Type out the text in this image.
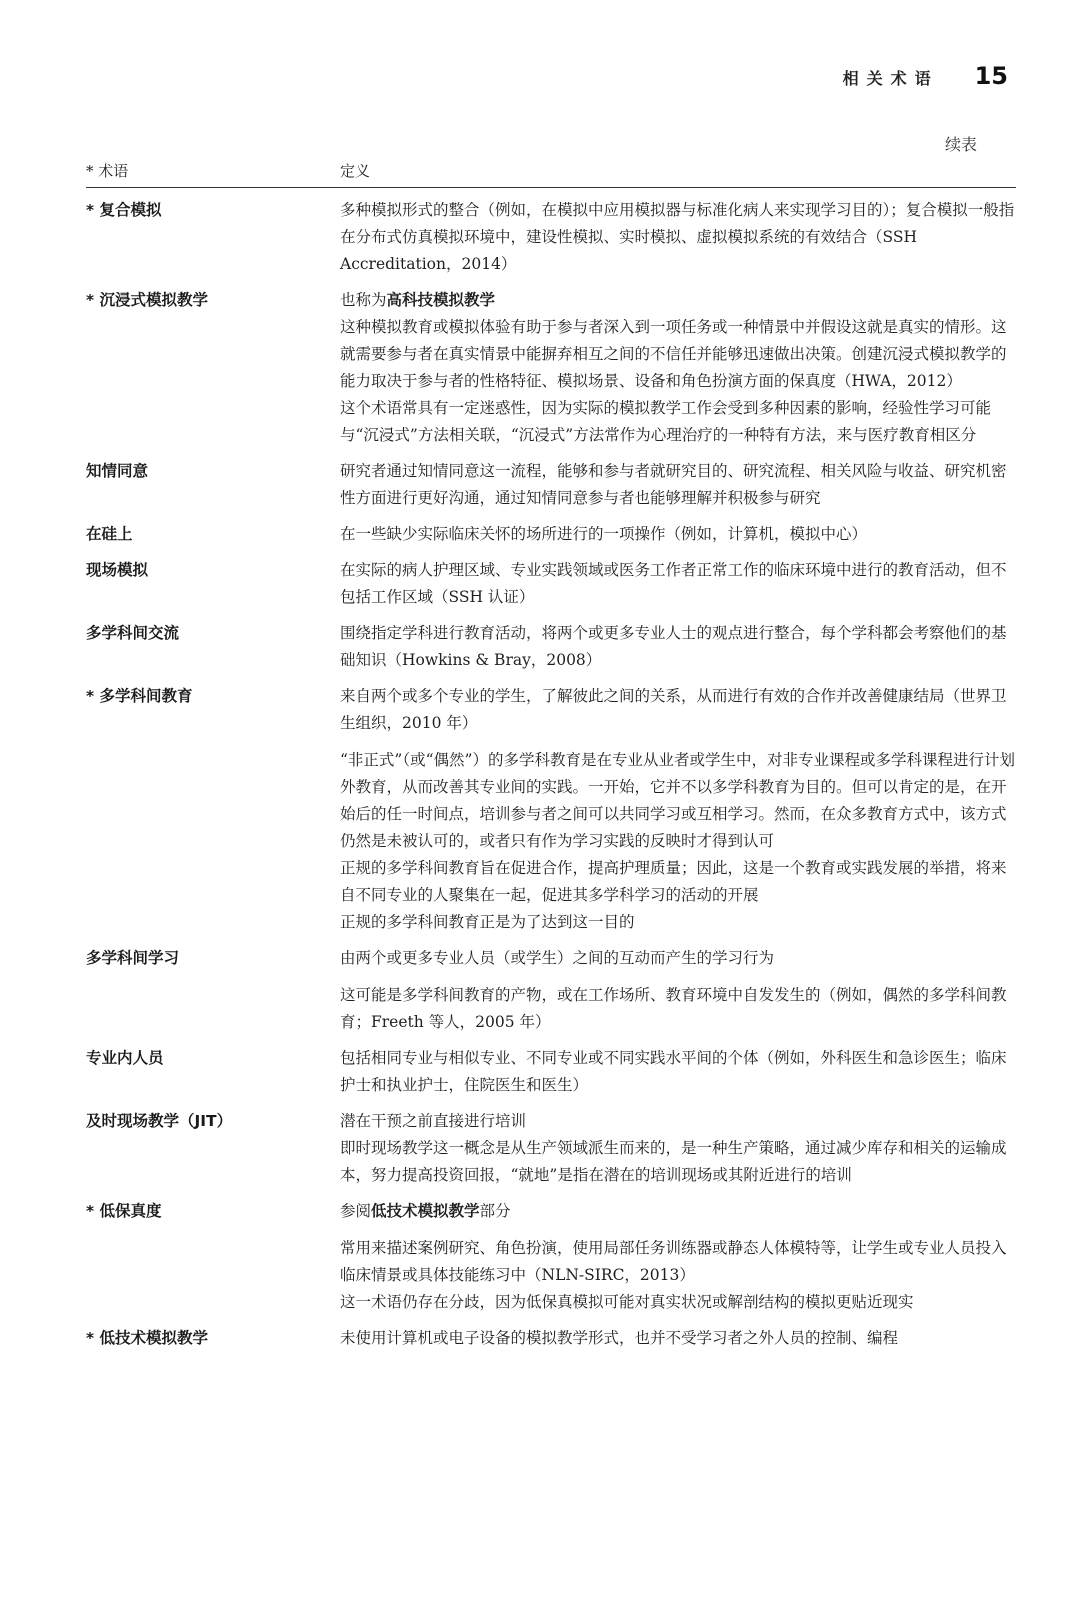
相关术语 15
续表
* 术语	定义
* 复合模拟	多种模拟形式的整合（例如，在模拟中应用模拟器与标准化病人来实现学习目的）；复合模拟一般指在分布式仿真模拟环境中，建设性模拟、实时模拟、虚拟模拟系统的有效结合（SSH Accreditation，2014）

* 沉浸式模拟教学	也称为高科技模拟教学

这种模拟教育或模拟体验有助于参与者深入到一项任务或一种情景中并假设这就是真实的情形。这就需要参与者在真实情景中能摒弃相互之间的不信任并能够迅速做出决策。创建沉浸式模拟教学的能力取决于参与者的性格特征、模拟场景、设备和角色扮演方面的保真度（HWA，2012）

这个术语常具有一定迷惑性，因为实际的模拟教学工作会受到多种因素的影响，经验性学习可能与“沉浸式”方法相关联，“沉浸式”方法常作为心理治疗的一种特有方法，来与医疗教育相区分

知情同意	研究者通过知情同意这一流程，能够和参与者就研究目的、研究流程、相关风险与收益、研究机密性方面进行更好沟通，通过知情同意参与者也能够理解并积极参与研究

在硅上	在一些缺少实际临床关怀的场所进行的一项操作（例如，计算机，模拟中心）

现场模拟	在实际的病人护理区域、专业实践领域或医务工作者正常工作的临床环境中进行的教育活动，但不包括工作区域（SSH 认证）

多学科间交流	围绕指定学科进行教育活动，将两个或更多专业人士的观点进行整合，每个学科都会考察他们的基础知识（Howkins & Bray，2008）

* 多学科间教育	来自两个或多个专业的学生，了解彼此之间的关系，从而进行有效的合作并改善健康结局（世界卫生组织，2010 年）

“非正式”（或“偶然”）的多学科教育是在专业从业者或学生中，对非专业课程或多学科课程进行计划外教育，从而改善其专业间的实践。一开始，它并不以多学科教育为目的。但可以肯定的是，在开始后的任一时间点，培训参与者之间可以共同学习或互相学习。然而，在众多教育方式中，该方式仍然是未被认可的，或者只有作为学习实践的反映时才得到认可

正规的多学科间教育旨在促进合作，提高护理质量；因此，这是一个教育或实践发展的举措，将来自不同专业的人聚集在一起，促进其多学科学习的活动的开展

正规的多学科间教育正是为了达到这一目的

多学科间学习	由两个或更多专业人员（或学生）之间的互动而产生的学习行为

这可能是多学科间教育的产物，或在工作场所、教育环境中自发发生的（例如，偶然的多学科间教育；Freeth 等人，2005 年）

专业内人员	包括相同专业与相似专业、不同专业或不同实践水平间的个体（例如，外科医生和急诊医生；临床护士和执业护士，住院医生和医生）

及时现场教学（JIT）	潜在干预之前直接进行培训

即时现场教学这一概念是从生产领域派生而来的，是一种生产策略，通过减少库存和相关的运输成本，努力提高投资回报，“就地”是指在潜在的培训现场或其附近进行的培训

* 低保真度	参阅低技术模拟教学部分

常用来描述案例研究、角色扮演，使用局部任务训练器或静态人体模特等，让学生或专业人员投入临床情景或具体技能练习中（NLN-SIRC，2013）

这一术语仍存在分歧，因为低保真模拟可能对真实状况或解剖结构的模拟更贴近现实

* 低技术模拟教学	未使用计算机或电子设备的模拟教学形式，也并不受学习者之外人员的控制、编程
